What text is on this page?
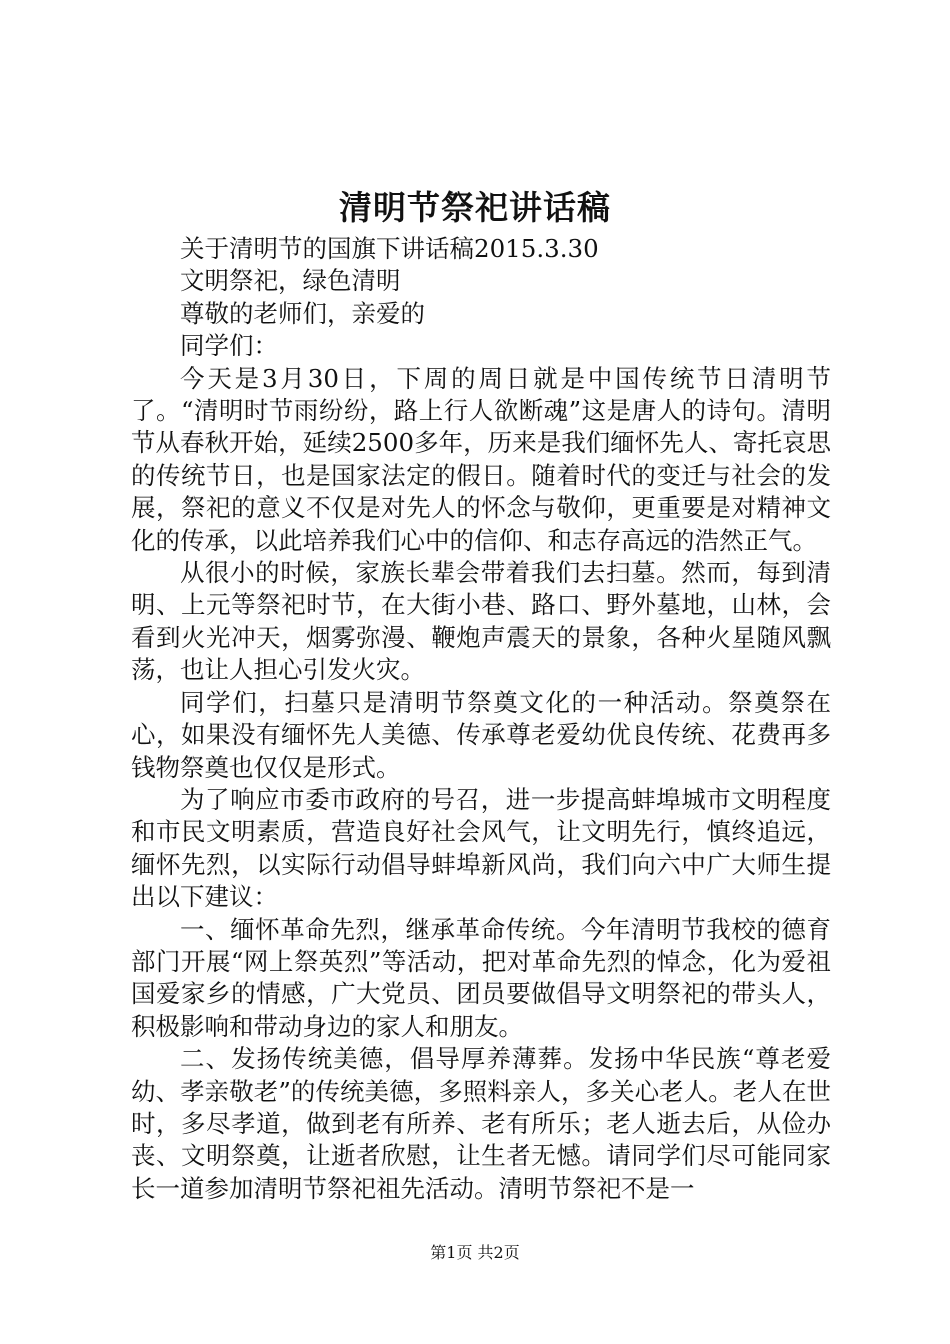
清明节祭祀讲话稿

关于清明节的国旗下讲话稿2015.3.30

文明祭祀，绿色清明

尊敬的老师们，亲爱的

同学们：

今天是3月30日，下周的周日就是中国传统节日清明节了。“清明时节雨纷纷，路上行人欲断魂”这是唐人的诗句。清明节从春秋开始，延续2500多年，历来是我们缅怀先人、寄托哀思的传统节日，也是国家法定的假日。随着时代的变迁与社会的发展，祭祀的意义不仅是对先人的怀念与敬仰，更重要是对精神文化的传承，以此培养我们心中的信仰、和志存高远的浩然正气。

从很小的时候，家族长辈会带着我们去扫墓。然而，每到清明、上元等祭祀时节，在大街小巷、路口、野外墓地，山林，会看到火光冲天，烟雾弥漫、鞭炮声震天的景象，各种火星随风飘荡，也让人担心引发火灾。

同学们，扫墓只是清明节祭奠文化的一种活动。祭奠祭在心，如果没有缅怀先人美德、传承尊老爱幼优良传统、花费再多钱物祭奠也仅仅是形式。

为了响应市委市政府的号召，进一步提高蚌埠城市文明程度和市民文明素质，营造良好社会风气，让文明先行，慎终追远，缅怀先烈，以实际行动倡导蚌埠新风尚，我们向六中广大师生提出以下建议：

一、缅怀革命先烈，继承革命传统。今年清明节我校的德育部门开展“网上祭英烈”等活动，把对革命先烈的悼念，化为爱祖国爱家乡的情感，广大党员、团员要做倡导文明祭祀的带头人，积极影响和带动身边的家人和朋友。

二、发扬传统美德，倡导厚养薄葬。发扬中华民族“尊老爱幼、孝亲敬老”的传统美德，多照料亲人，多关心老人。老人在世时，多尽孝道，做到老有所养、老有所乐；老人逝去后，从俭办丧、文明祭奠，让逝者欣慰，让生者无憾。请同学们尽可能同家长一道参加清明节祭祀祖先活动。清明节祭祀不是一

第1页 共2页
